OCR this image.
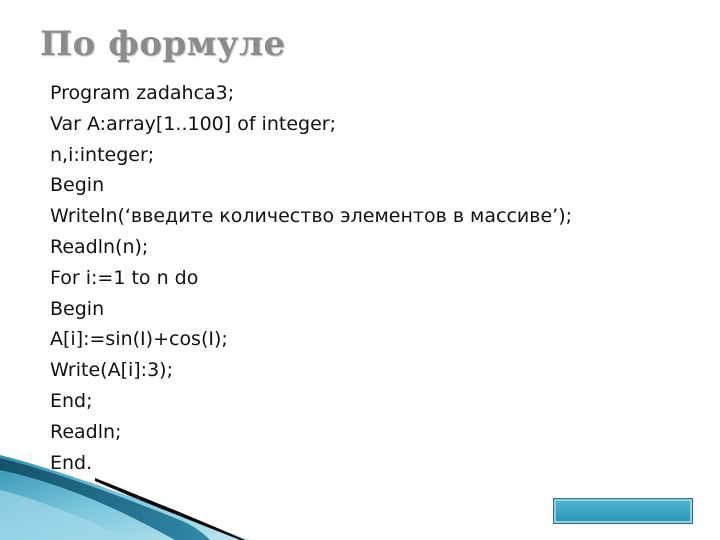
По формуле
Program zadahca3;
Var A:array[1..100] of integer;
n,i:integer;
Begin
Writeln(‘введите количество элементов в массиве’);
Readln(n);
For i:=1 to n do
Begin
A[i]:=sin(I)+cos(I);
Write(A[i]:3);
End;
Readln;
End.
